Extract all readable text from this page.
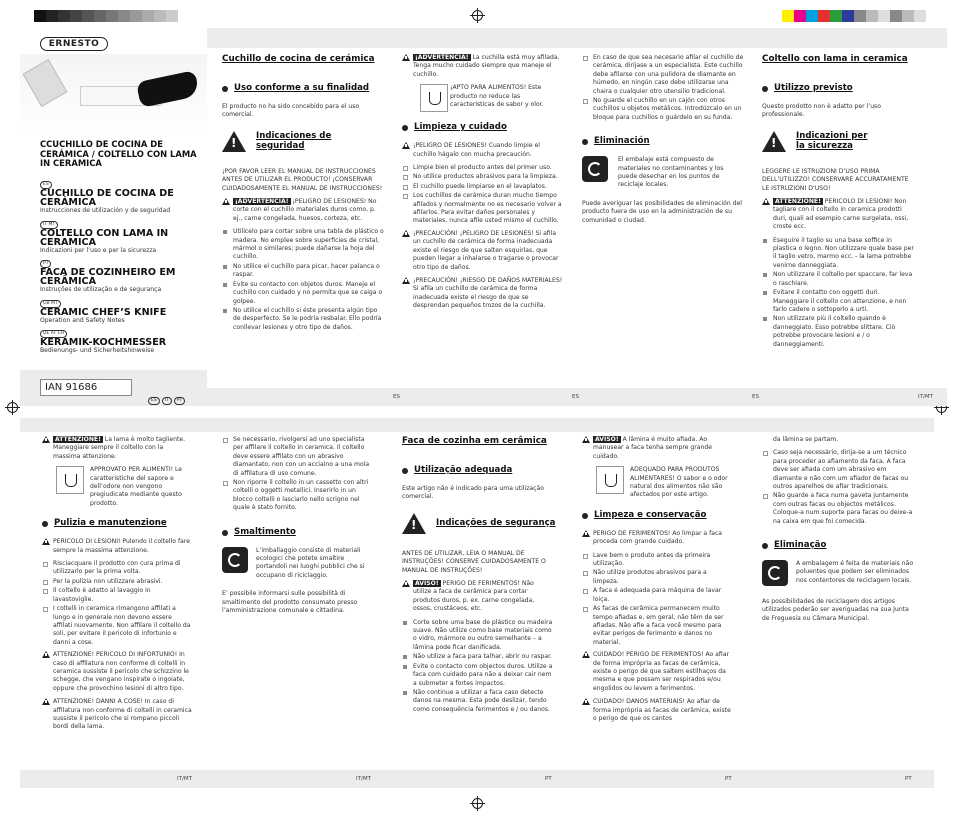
ERNESTO
CCUCHILLO DE COCINA DE CERÁMICA / COLTELLO CON LAMA IN CERAMICA
ES
CUCHILLO DE COCINA DE CERÁMICA
Instrucciones de utilización y de seguridad
IT MT
COLTELLO CON LAMA IN CERAMICA
Indicazioni per l’uso e per la sicurezza
PT
FACA DE COZINHEIRO EM CERÂMICA
Instruções de utilização e de segurança
GB MT
CERAMIC CHEF’S KNIFE
Operation and Safety Notes
DE AT CH
KERAMIK-KOCHMESSER
Bedienungs- und Sicherheitshinweise
IAN 91686
ES IT PT
ES	ES	ES	IT/MT
IT/MT	IT/MT	PT	PT	PT
Cuchillo de cocina de cerámica
Uso conforme a su finalidad

El producto no ha sido concebido para el uso comercial.

!
Indicaciones de seguridad

¡POR FAVOR LEER EL MANUAL DE INSTRUCCIONES ANTES DE UTILIZAR EL PRODUCTO! ¡CONSERVAR CUIDADOSAMENTE EL MANUAL DE INSTRUCCIONES!

¡ADVERTENCIA! ¡PELIGRO DE LESIONES! No corte con el cuchillo materiales duros como, p. ej., carne congelada, huesos, corteza, etc.
Utilícelo para cortar sobre una tabla de plástico o madera. No emplee sobre superficies de cristal, mármol o similares; puede dañarse la hoja del cuchillo.
No utilice el cuchillo para picar, hacer palanca o raspar.
Evite su contacto con objetos duros. Maneje el cuchillo con cuidado y no permita que se caiga o golpee.
No utilice el cuchillo si éste presenta algún tipo de desperfecto. Se le podría resbalar. Ello podría conllevar lesiones y otro tipo de daños.
¡ADVERTENCIA! La cuchilla está muy afilada. Tenga mucho cuidado siempre que maneje el cuchillo.
¡APTO PARA ALIMENTOS! Este producto no reduce las características de sabor y olor.
Limpieza y cuidado
¡PELIGRO DE LESIONES! Cuando limpie el cuchillo hágalo con mucha precaución.
Limpie bien el producto antes del primer uso.
No utilice productos abrasivos para la limpieza.
El cuchillo puede limpiarse en el lavaplatos.
Los cuchillos de cerámica duran mucho tiempo afilados y normalmente no es necesario volver a afilarlos. Para evitar daños personales y materiales, nunca afile usted mismo el cuchillo.
¡PRECAUCIÓN! ¡PELIGRO DE LESIONES! Si afila un cuchillo de cerámica de forma inadecuada existe el riesgo de que salten esquirlas, que pueden llegar a inhalarse o tragarse o provocar otro tipo de daños.
¡PRECAUCIÓN! ¡RIESGO DE DAÑOS MATERIALES! Si afila un cuchillo de cerámica de forma inadecuada existe el riesgo de que se desprendan pequeños trozos de la cuchilla.
En caso de que sea necesario afilar el cuchillo de cerámica, diríjase a un especialista. Este cuchillo debe afilarse con una pulidora de diamante en húmedo, en ningún caso debe utilizarse una chaira o cualquier otro utensilio tradicional.
No guarde el cuchillo en un cajón con otros cuchillos u objetos metálicos. Introdúzcalo en un bloque para cuchillos o guárdelo en su funda.
Eliminación
El embalaje está compuesto de materiales no contaminantes y los puede desechar en los puntos de reciclaje locales.

Puede averiguar las posibilidades de eliminación del producto fuera de uso en la administración de su comunidad o ciudad.

Coltello con lama in ceramica
Utilizzo previsto

Questo prodotto non è adatto per l’uso professionale.

!
Indicazioni per la sicurezza

LEGGERE LE ISTRUZIONI D’USO PRIMA DELL’UTILIZZO! CONSERVARE ACCURATAMENTE LE ISTRUZIONI D’USO!

ATTENZIONE! PERICOLO DI LESIONI! Non tagliare con il coltello in ceramica prodotti duri, quali ad esempio carne surgelata, ossi, croste ecc.
Eseguire il taglio su una base soffice in plastica o legno. Non utilizzare quale base per il taglio vetro, marmo ecc. - la lama potrebbe venirne danneggiata.
Non utilizzare il coltello per spaccare, far leva o raschiare.
Evitare il contatto con oggetti duri. Maneggiare il coltello con attenzione, e non farlo cadere o sottoporlo a urti.
Non utilizzare più il coltello quando è danneggiato. Esso potrebbe slittare. Ciò potrebbe provocare lesioni e / o danneggiamenti.
ATTENZIONE! La lama è molto tagliente. Maneggiare sempre il coltello con la massima attenzione.
APPROVATO PER ALIMENTI! Le caratteristiche del sapore e dell’odore non vengono pregiudicate mediante questo prodotto.
Pulizia e manutenzione
PERICOLO DI LESIONI! Pulendo il coltello fare sempre la massima attenzione.
Risciacquare il prodotto con cura prima di utilizzarlo per la prima volta.
Per la pulizia non utilizzare abrasivi.
Il coltello è adatto al lavaggio in lavastoviglie.
I coltelli in ceramica rimangono affilati a lungo e in generale non devono essere affilati nuovamente. Non affilare il coltello da soli, per evitare il pericolo di infortunio e danni a cose.
ATTENZIONE! PERICOLO DI INFORTUNIO! In caso di affilatura non conforme di coltelli in ceramica sussiste il pericolo che schizzino le schegge, che vengano inspirate o ingoiate, oppure che provochino lesioni di altro tipo.
ATTENZIONE! DANNI A COSE! In caso di affilatura non conforme di coltelli in ceramica sussiste il pericolo che si rompano piccoli bordi della lama.
Se necessario, rivolgersi ad uno specialista per affilare il coltello in ceramica. Il coltello deve essere affilato con un abrasivo diamantato, non con un acciaino a una mola di affilatura di uso comune.
Non riporre il coltello in un cassetto con altri coltelli o oggetti metallici. Inserirlo in un blocco coltelli o lasciarlo nello scrigno nel quale è stato fornito.
Smaltimento
L’imballaggio consiste di materiali ecologici che potete smaltire portandoli nei luoghi pubblici che si occupano di riciclaggio.

E’ possibile informarsi sulle possibilità di smaltimento del prodotto consumato presso l’amministrazione comunale e cittadina.

Faca de cozinha em cerâmica
Utilização adequada

Este artigo não é indicado para uma utilização comercial.

!
Indicações de segurança

ANTES DE UTILIZAR, LEIA O MANUAL DE INSTRUÇÕES! CONSERVE CUIDADOSAMENTE O MANUAL DE INSTRUÇÕES!

AVISO! PERIGO DE FERIMENTOS! Não utilize a faca de cerâmica para cortar produtos duros, p. ex. carne congelada, ossos, crustáceos, etc.
Corte sobre uma base de plástico ou madeira suave. Não utilize como base materiais como o vidro, mármore ou outro semelhante – a lâmina pode ficar danificada.
Não utilize a faca para talhar, abrir ou raspar.
Evite o contacto com objectos duros. Utilize a faca com cuidado para não a deixar cair nem a submeter a fortes impactos.
Não continue a utilizar a faca caso detecte danos na mesma. Esta pode deslizar, tendo como consequência ferimentos e / ou danos.
AVISO! A lâmina é muito afiada. Ao manusear a faca tenha sempre grande cuidado.
ADEQUADO PARA PRODUTOS ALIMENTARES! O sabor e o odor natural dos alimentos não são afectados por este artigo.
Limpeza e conservação
PERIGO DE FERIMENTOS! Ao limpar a faca proceda com grande cuidado.
Lave bem o produto antes da primeira utilização.
Não utilize produtos abrasivos para a limpeza.
A faca é adequada para máquina de lavar loiça.
As facas de cerâmica permanecem muito tempo afiadas e, em geral, não têm de ser afiadas. Não afie a faca você mesmo para evitar perigos de ferimento e danos no material.
CUIDADO! PERIGO DE FERIMENTOS! Ao afiar de forma imprópria as facas de cerâmica, existe o perigo de que saltem estilhaços da mesma e que possam ser respirados e/ou engolidos ou levem a ferimentos.
CUIDADO! DANOS MATERIAIS! Ao afiar de forma imprópria as facas de cerâmica, existe o perigo de que os cantos

da lâmina se partam.

Caso seja necessário, dirija-se a um técnico para proceder ao afiamento da faca. A faca deve ser afiada com um abrasivo em diamante e não com um afiador de facas ou outros aparelhos de afiar tradicionais.
Não guarde a faca numa gaveta juntamente com outras facas ou objectos metálicos. Coloque-a num suporte para facas ou deixe-a na caixa em que foi comecida.
Eliminação
A embalagem é feita de materiais não poluentes que podem ser eliminados nos contentores de reciclagem locais.

As possibilidades de reciclagem dos artigos utilizados poderão ser averiguadas na sua Junta de Freguesia ou Câmara Municipal.
